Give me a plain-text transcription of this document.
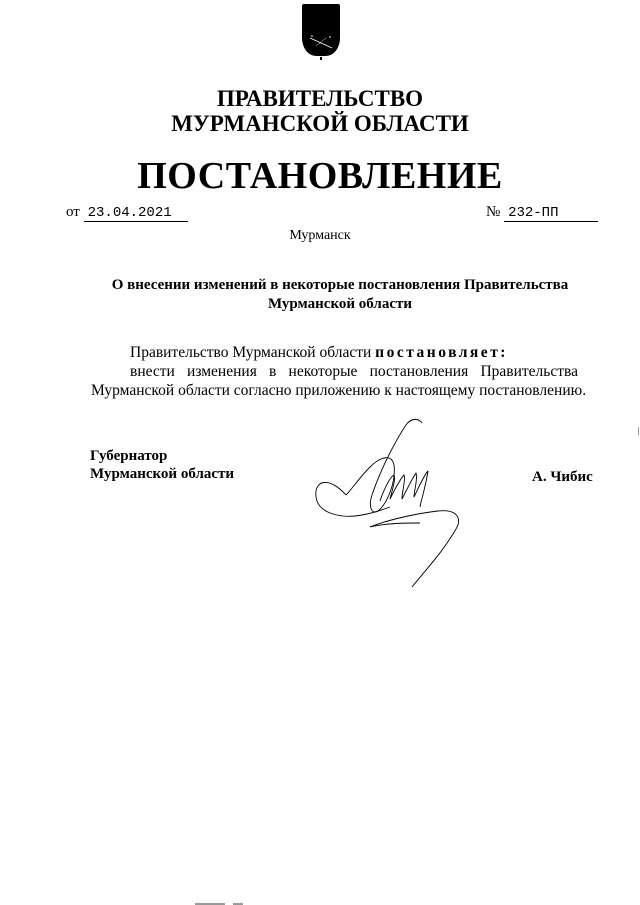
ПРАВИТЕЛЬСТВО
МУРМАНСКОЙ ОБЛАСТИ
ПОСТАНОВЛЕНИЕ
от 23.04.2021	№ 232-ПП
Мурманск
О внесении изменений в некоторые постановления Правительства
Мурманской области
Правительство Мурманской области постановляет:
внести изменения в некоторые постановления Правительства
Мурманской области согласно приложению к настоящему постановлению.
Губернатор
Мурманской области	А. Чибис
